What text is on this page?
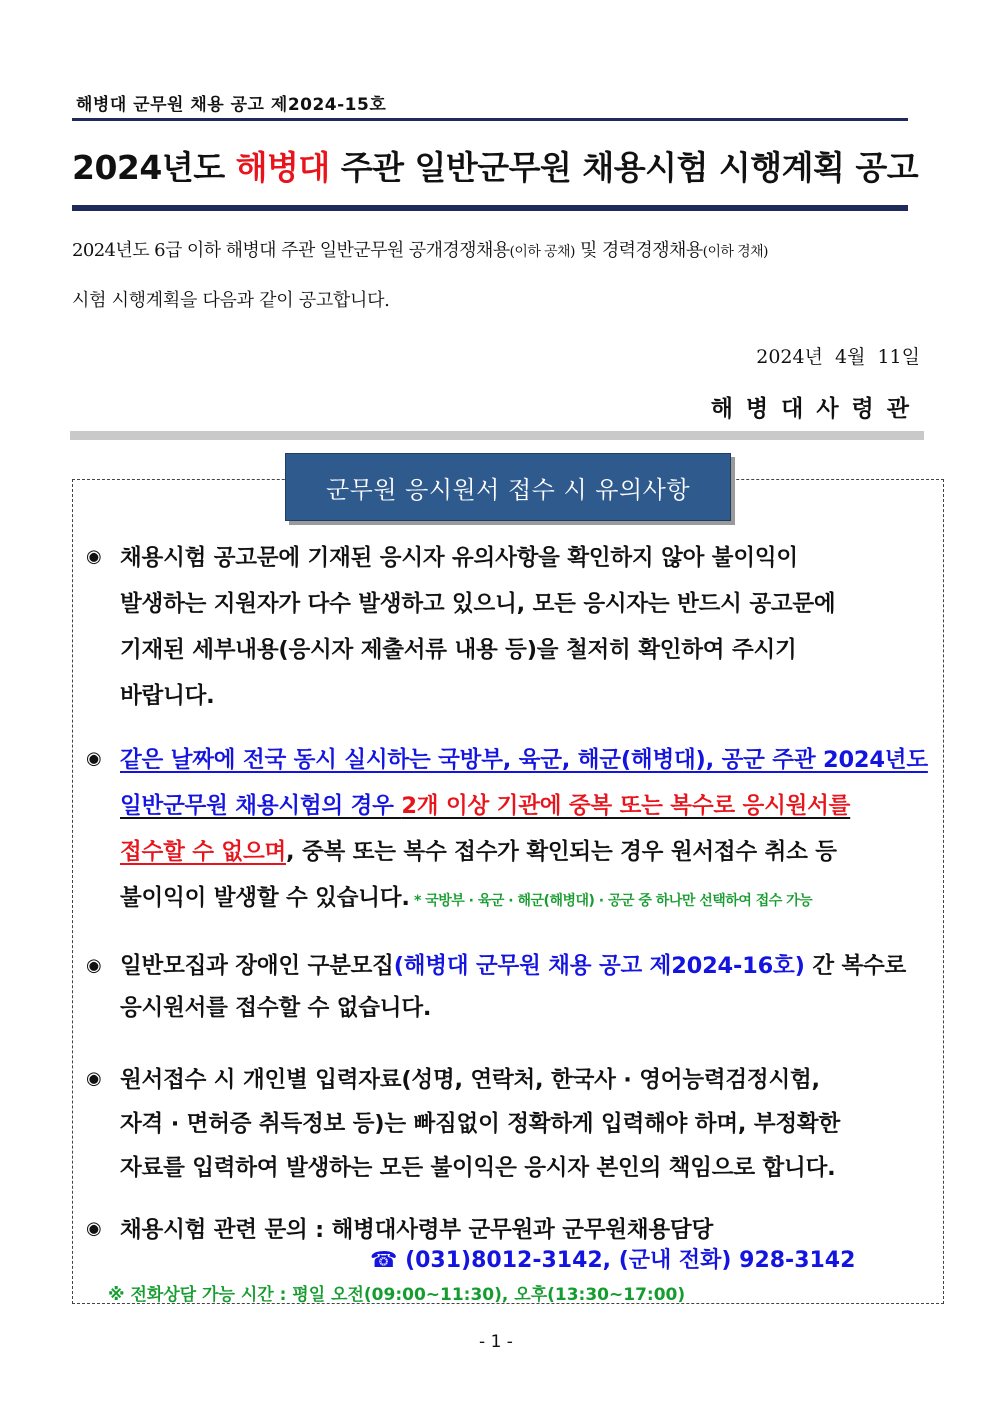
해병대 군무원 채용 공고 제2024-15호
2024년도 해병대 주관 일반군무원 채용시험 시행계획 공고
2024년도 6급 이하 해병대 주관 일반군무원 공개경쟁채용(이하 공채) 및 경력경쟁채용(이하 경채)
시험 시행계획을 다음과 같이 공고합니다.
2024년 4월 11일
해병대사령관
군무원 응시원서 접수 시 유의사항
◉ 채용시험 공고문에 기재된 응시자 유의사항을 확인하지 않아 불이익이
발생하는 지원자가 다수 발생하고 있으니, 모든 응시자는 반드시 공고문에
기재된 세부내용(응시자 제출서류 내용 등)을 철저히 확인하여 주시기
바랍니다.
◉ 같은 날짜에 전국 동시 실시하는 국방부, 육군, 해군(해병대), 공군 주관 2024년도
일반군무원 채용시험의 경우 2개 이상 기관에 중복 또는 복수로 응시원서를
접수할 수 없으며, 중복 또는 복수 접수가 확인되는 경우 원서접수 취소 등
불이익이 발생할 수 있습니다. * 국방부 · 육군 · 해군(해병대) · 공군 중 하나만 선택하여 접수 가능
◉ 일반모집과 장애인 구분모집(해병대 군무원 채용 공고 제2024-16호) 간 복수로
응시원서를 접수할 수 없습니다.
◉ 원서접수 시 개인별 입력자료(성명, 연락처, 한국사 · 영어능력검정시험,
자격 · 면허증 취득정보 등)는 빠짐없이 정확하게 입력해야 하며, 부정확한
자료를 입력하여 발생하는 모든 불이익은 응시자 본인의 책임으로 합니다.
◉ 채용시험 관련 문의 : 해병대사령부 군무원과 군무원채용담당
☎ (031)8012-3142, (군내 전화) 928-3142
※ 전화상담 가능 시간 : 평일 오전(09:00~11:30), 오후(13:30~17:00)
- 1 -
